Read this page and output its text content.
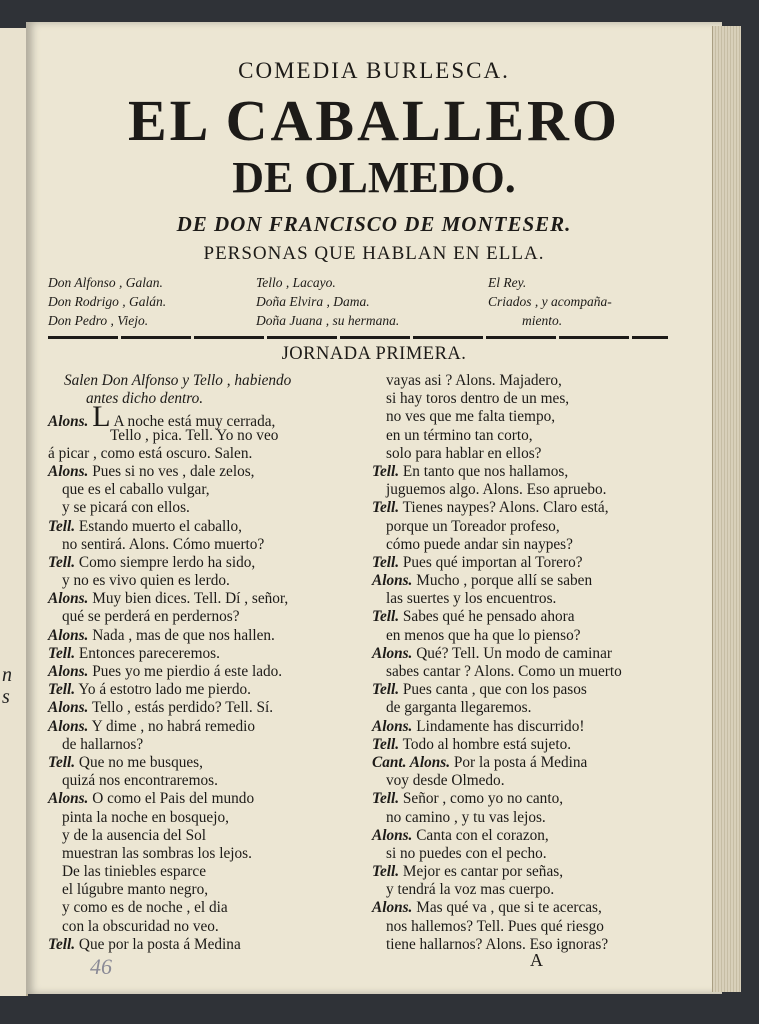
n
s
COMEDIA BURLESCA.
EL CABALLERO
DE OLMEDO.
DE DON FRANCISCO DE MONTESER.
PERSONAS QUE HABLAN EN ELLA.
Don Alfonso , Galan.
Don Rodrigo , Galán.
Don Pedro , Viejo.
Tello , Lacayo.
Doña Elvira , Dama.
Doña Juana , su hermana.
El Rey.
Criados , y acompaña-
miento.
JORNADA PRIMERA.
Salen Don Alfonso y Tello , habiendo
antes dicho dentro.
Alons. L A noche está muy cerrada,
Tello , pica. Tell. Yo no veo
á picar , como está oscuro. Salen.
Alons. Pues si no ves , dale zelos,
que es el caballo vulgar,
y se picará con ellos.
Tell. Estando muerto el caballo,
no sentirá. Alons. Cómo muerto?
Tell. Como siempre lerdo ha sido,
y no es vivo quien es lerdo.
Alons. Muy bien dices. Tell. Dí , señor,
qué se perderá en perdernos?
Alons. Nada , mas de que nos hallen.
Tell. Entonces pareceremos.
Alons. Pues yo me pierdio á este lado.
Tell. Yo á estotro lado me pierdo.
Alons. Tello , estás perdido? Tell. Sí.
Alons. Y dime , no habrá remedio
de hallarnos?
Tell. Que no me busques,
quizá nos encontraremos.
Alons. O como el Pais del mundo
pinta la noche en bosquejo,
y de la ausencia del Sol
muestran las sombras los lejos.
De las tiniebles esparce
el lúgubre manto negro,
y como es de noche , el dia
con la obscuridad no veo.
Tell. Que por la posta á Medina
vayas asi ? Alons. Majadero,
si hay toros dentro de un mes,
no ves que me falta tiempo,
en un término tan corto,
solo para hablar en ellos?
Tell. En tanto que nos hallamos,
juguemos algo. Alons. Eso apruebo.
Tell. Tienes naypes? Alons. Claro está,
porque un Toreador profeso,
cómo puede andar sin naypes?
Tell. Pues qué importan al Torero?
Alons. Mucho , porque allí se saben
las suertes y los encuentros.
Tell. Sabes qué he pensado ahora
en menos que ha que lo pienso?
Alons. Qué? Tell. Un modo de caminar
sabes cantar ? Alons. Como un muerto
Tell. Pues canta , que con los pasos
de garganta llegaremos.
Alons. Lindamente has discurrido!
Tell. Todo al hombre está sujeto.
Cant. Alons. Por la posta á Medina
voy desde Olmedo.
Tell. Señor , como yo no canto,
no camino , y tu vas lejos.
Alons. Canta con el corazon,
si no puedes con el pecho.
Tell. Mejor es cantar por señas,
y tendrá la voz mas cuerpo.
Alons. Mas qué va , que si te acercas,
nos hallemos? Tell. Pues qué riesgo
tiene hallarnos? Alons. Eso ignoras?
46	A
